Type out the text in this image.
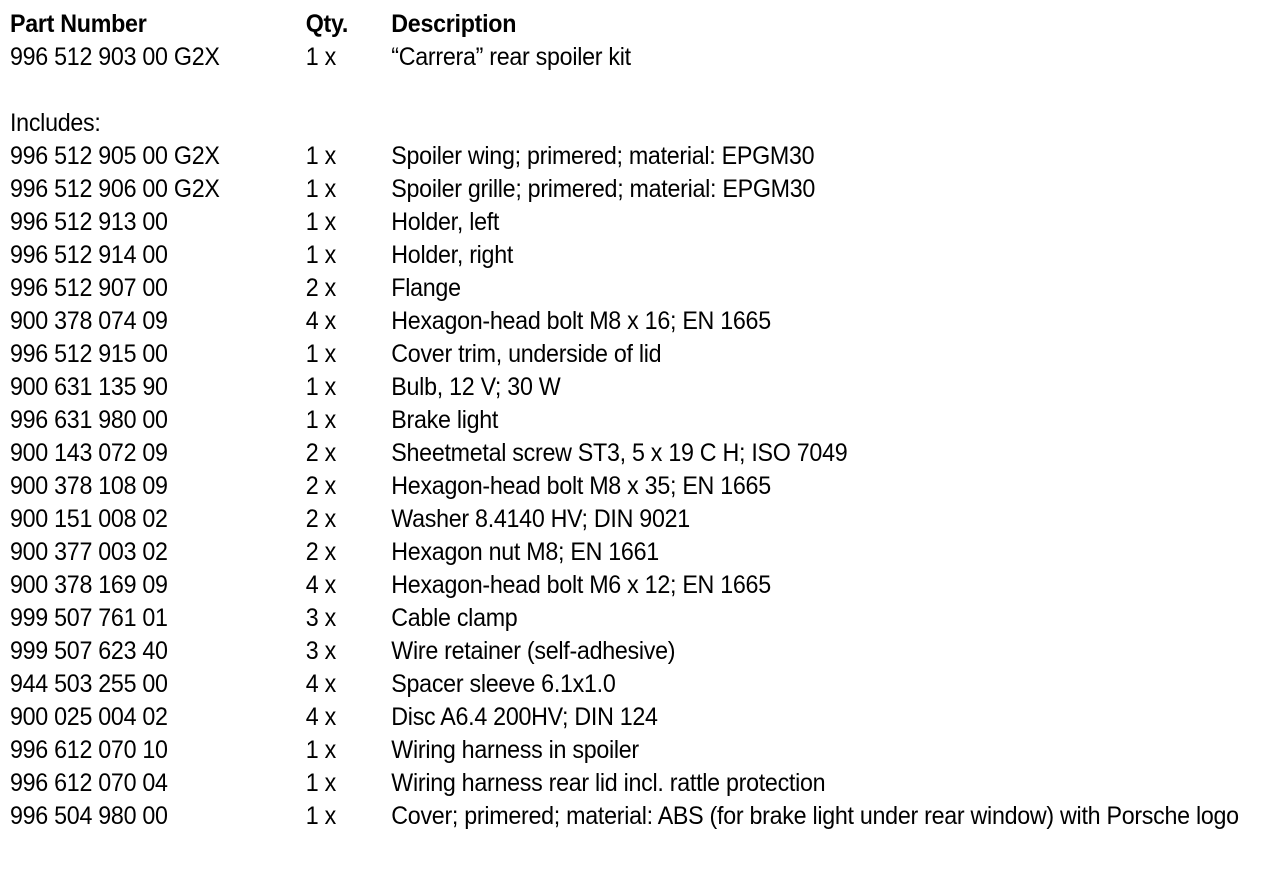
Part Number	Qty.	Description
996 512 903 00 G2X	1 x	“Carrera” rear spoiler kit
Includes:
996 512 905 00 G2X	1 x	Spoiler wing; primered; material: EPGM30
996 512 906 00 G2X	1 x	Spoiler grille; primered; material: EPGM30
996 512 913 00	1 x	Holder, left
996 512 914 00	1 x	Holder, right
996 512 907 00	2 x	Flange
900 378 074 09	4 x	Hexagon-head bolt M8 x 16; EN 1665
996 512 915 00	1 x	Cover trim, underside of lid
900 631 135 90	1 x	Bulb, 12 V; 30 W
996 631 980 00	1 x	Brake light
900 143 072 09	2 x	Sheetmetal screw ST3, 5 x 19 C H; ISO 7049
900 378 108 09	2 x	Hexagon-head bolt M8 x 35; EN 1665
900 151 008 02	2 x	Washer 8.4140 HV; DIN 9021
900 377 003 02	2 x	Hexagon nut M8; EN 1661
900 378 169 09	4 x	Hexagon-head bolt M6 x 12; EN 1665
999 507 761 01	3 x	Cable clamp
999 507 623 40	3 x	Wire retainer (self-adhesive)
944 503 255 00	4 x	Spacer sleeve 6.1x1.0
900 025 004 02	4 x	Disc A6.4 200HV; DIN 124
996 612 070 10	1 x	Wiring harness in spoiler
996 612 070 04	1 x	Wiring harness rear lid incl. rattle protection
996 504 980 00	1 x	Cover; primered; material: ABS (for brake light under rear window) with Porsche logo
